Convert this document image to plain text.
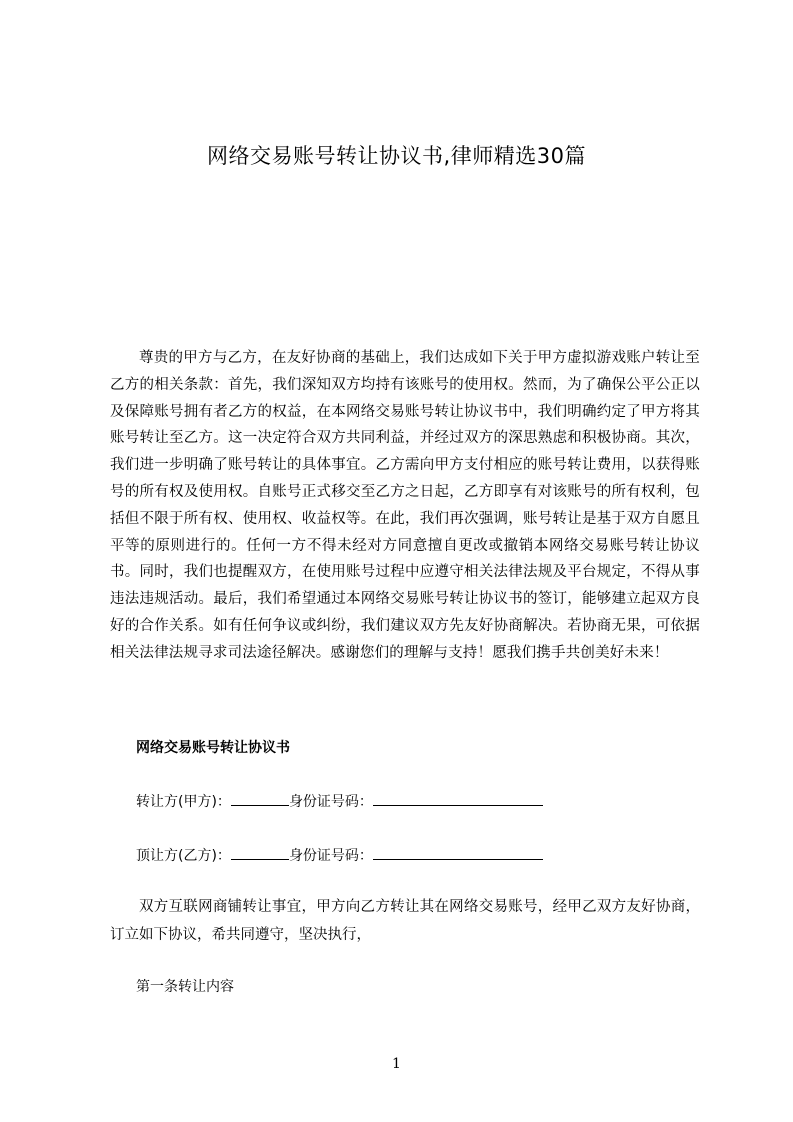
网络交易账号转让协议书,律师精选30篇

尊贵的甲方与乙方，在友好协商的基础上，我们达成如下关于甲方虚拟游戏账户转让至乙方的相关条款：首先，我们深知双方均持有该账号的使用权。然而，为了确保公平公正以及保障账号拥有者乙方的权益，在本网络交易账号转让协议书中，我们明确约定了甲方将其账号转让至乙方。这一决定符合双方共同利益，并经过双方的深思熟虑和积极协商。其次，我们进一步明确了账号转让的具体事宜。乙方需向甲方支付相应的账号转让费用，以获得账号的所有权及使用权。自账号正式移交至乙方之日起，乙方即享有对该账号的所有权利，包括但不限于所有权、使用权、收益权等。在此，我们再次强调，账号转让是基于双方自愿且平等的原则进行的。任何一方不得未经对方同意擅自更改或撤销本网络交易账号转让协议书。同时，我们也提醒双方，在使用账号过程中应遵守相关法律法规及平台规定，不得从事违法违规活动。最后，我们希望通过本网络交易账号转让协议书的签订，能够建立起双方良好的合作关系。如有任何争议或纠纷，我们建议双方先友好协商解决。若协商无果，可依据相关法律法规寻求司法途径解决。感谢您们的理解与支持！愿我们携手共创美好未来！

网络交易账号转让协议书

转让方(甲方)：	身份证号码：
顶让方(乙方)：	身份证号码：

双方互联网商铺转让事宜，甲方向乙方转让其在网络交易账号，经甲乙双方友好协商，订立如下协议，希共同遵守，坚决执行，

第一条转让内容

1
